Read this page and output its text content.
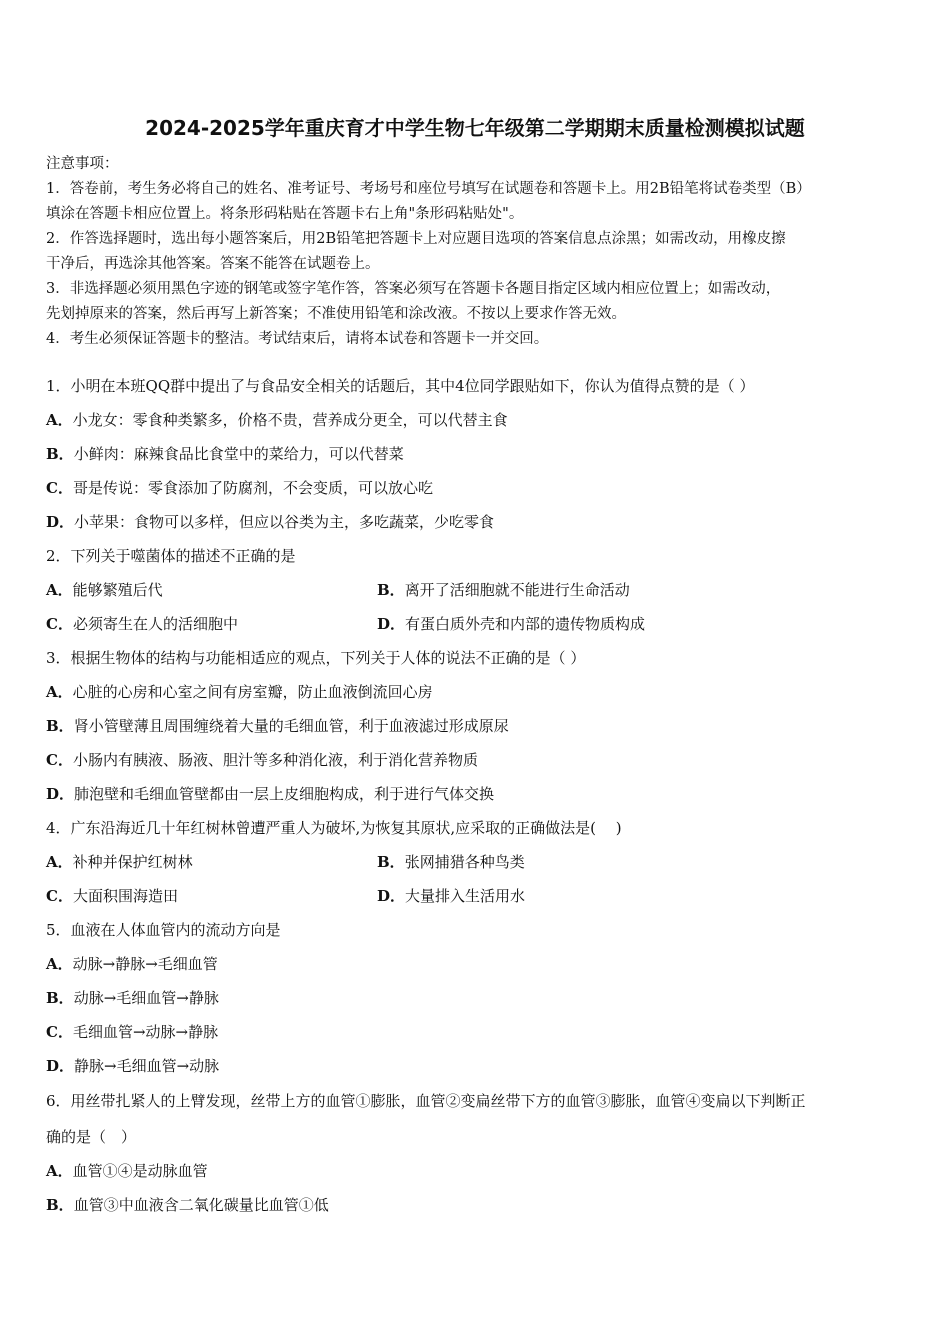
2024-2025学年重庆育才中学生物七年级第二学期期末质量检测模拟试题
注意事项：
1．答卷前，考生务必将自己的姓名、准考证号、考场号和座位号填写在试题卷和答题卡上。用2B铅笔将试卷类型（B）
填涂在答题卡相应位置上。将条形码粘贴在答题卡右上角"条形码粘贴处"。
2．作答选择题时，选出每小题答案后，用2B铅笔把答题卡上对应题目选项的答案信息点涂黑；如需改动，用橡皮擦
干净后，再选涂其他答案。答案不能答在试题卷上。
3．非选择题必须用黑色字迹的钢笔或签字笔作答，答案必须写在答题卡各题目指定区域内相应位置上；如需改动，
先划掉原来的答案，然后再写上新答案；不准使用铅笔和涂改液。不按以上要求作答无效。
4．考生必须保证答题卡的整洁。考试结束后，请将本试卷和答题卡一并交回。
1．小明在本班QQ群中提出了与食品安全相关的话题后，其中4位同学跟贴如下，你认为值得点赞的是（ ）
A．小龙女：零食种类繁多，价格不贵，营养成分更全，可以代替主食
B．小鲜肉：麻辣食品比食堂中的菜给力，可以代替菜
C．哥是传说：零食添加了防腐剂，不会变质，可以放心吃
D．小苹果：食物可以多样，但应以谷类为主，多吃蔬菜，少吃零食
2．下列关于噬菌体的描述不正确的是
A．能够繁殖后代	B．离开了活细胞就不能进行生命活动
C．必须寄生在人的活细胞中	D．有蛋白质外壳和内部的遗传物质构成
3．根据生物体的结构与功能相适应的观点，下列关于人体的说法不正确的是（ ）
A．心脏的心房和心室之间有房室瓣，防止血液倒流回心房
B．肾小管壁薄且周围缠绕着大量的毛细血管，利于血液滤过形成原尿
C．小肠内有胰液、肠液、胆汁等多种消化液，利于消化营养物质
D．肺泡壁和毛细血管壁都由一层上皮细胞构成，利于进行气体交换
4．广东沿海近几十年红树林曾遭严重人为破坏,为恢复其原状,应采取的正确做法是(　 )
A．补种并保护红树林	B．张网捕猎各种鸟类
C．大面积围海造田	D．大量排入生活用水
5．血液在人体血管内的流动方向是
A．动脉→静脉→毛细血管
B．动脉→毛细血管→静脉
C．毛细血管→动脉→静脉
D．静脉→毛细血管→动脉
6．用丝带扎紧人的上臂发现，丝带上方的血管①膨胀，血管②变扁丝带下方的血管③膨胀，血管④变扁以下判断正
确的是（　）
A．血管①④是动脉血管
B．血管③中血液含二氧化碳量比血管①低
